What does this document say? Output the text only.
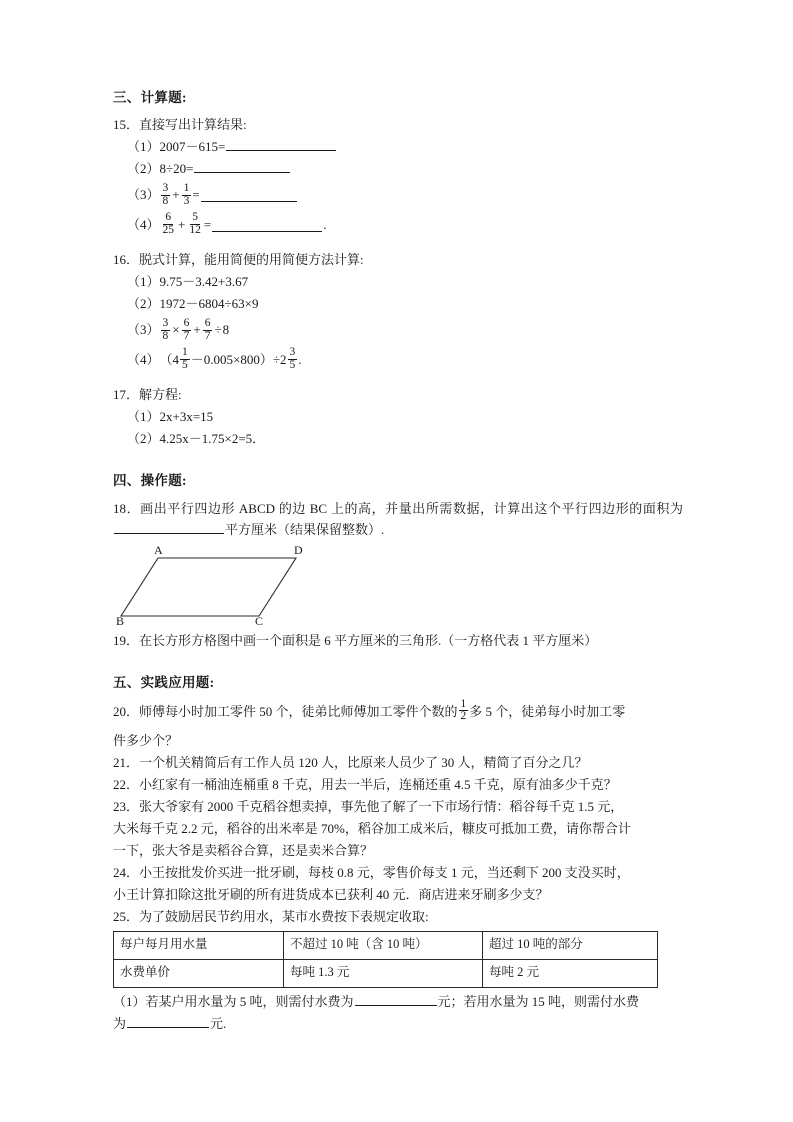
三、计算题:
15．直接写出计算结果:
（1）2007－615=
（2）8÷20=
$(3) \frac{3}{8} + \frac{1}{3}$ =
$(4) \frac{6}{25} + \frac{5}{12}$ =	.
16．脱式计算，能用简便的用简便方法计算:
（1）9.75－3.42+3.67
（2）1972－6804÷63×9
$(3) \frac{3}{8} \times \frac{6}{7} + \frac{6}{7} \div 8$
（4） $(4 \frac{1}{5} -0.005\times 800) \div 2 \frac{3}{5}$ .
17．解方程:
（1）2x+3x=15
（2）4.25x－1.75×2=5．
四、操作题:
18．画出平行四边形 ABCD 的边 BC 上的高，并量出所需数据，计算出这个平行四边形的面积为平方厘米（结果保留整数）.
A	D
B	C
19．在长方形方格图中画一个面积是 6 平方厘米的三角形.（一方格代表 1 平方厘米）
五、实践应用题:
20．师傅每小时加工零件 50 个，徒弟比师傅加工零件个数的 $\frac{1}{2}$ 多 5 个，徒弟每小时加工零
件多少个？
21．一个机关精简后有工作人员 120 人，比原来人员少了 30 人，精简了百分之几？
22．小红家有一桶油连桶重 8 千克，用去一半后，连桶还重 4.5 千克，原有油多少千克？
23．张大爷家有 2000 千克稻谷想卖掉，事先他了解了一下市场行情：稻谷每千克 1.5 元，
大米每千克 2.2 元，稻谷的出米率是 70%，稻谷加工成米后，糠皮可抵加工费，请你帮合计
一下，张大爷是卖稻谷合算，还是卖米合算？
24．小王按批发价买进一批牙刷，每枝 0.8 元，零售价每支 1 元，当还剩下 200 支没买时，
小王计算扣除这批牙刷的所有进货成本已获利 40 元．商店进来牙刷多少支？
25．为了鼓励居民节约用水，某市水费按下表规定收取:
每户每月用水量	不超过 10 吨（含 10 吨）	超过 10 吨的部分
水费单价	每吨 1.3 元	每吨 2 元
（1）若某户用水量为 5 吨，则需付水费为	元；若用水量为 15 吨，则需付水费
为	元.
